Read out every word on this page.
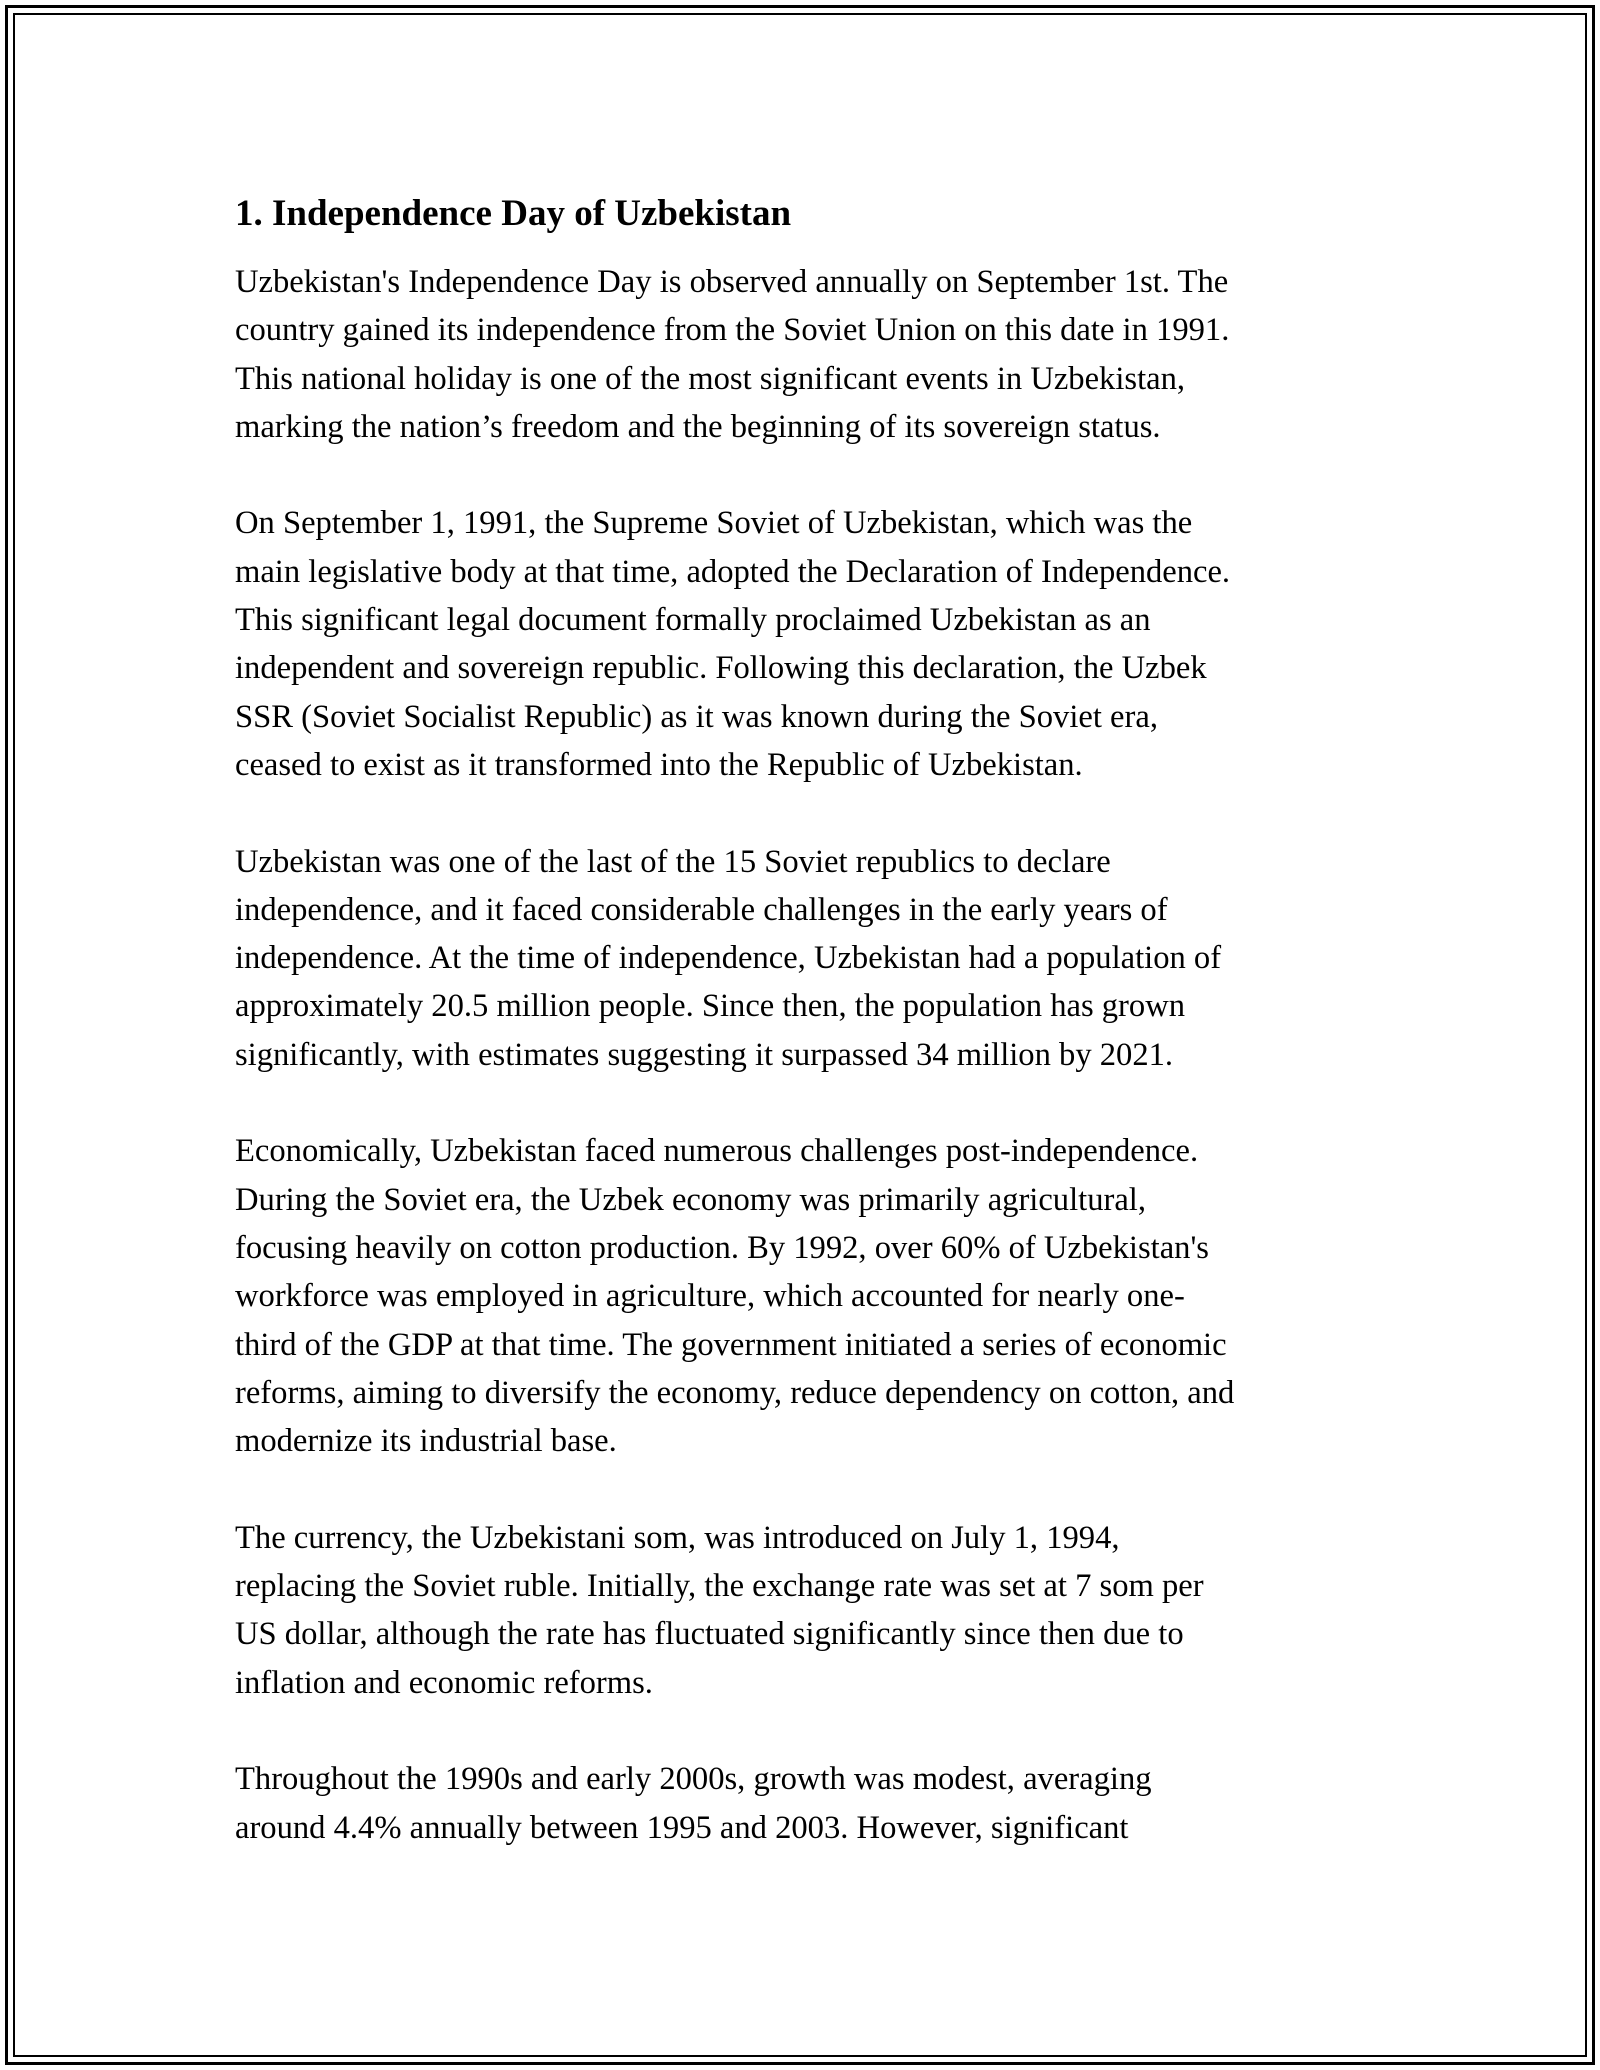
1. Independence Day of Uzbekistan

Uzbekistan's Independence Day is observed annually on September 1st. The
country gained its independence from the Soviet Union on this date in 1991.
This national holiday is one of the most significant events in Uzbekistan,
marking the nation’s freedom and the beginning of its sovereign status.

On September 1, 1991, the Supreme Soviet of Uzbekistan, which was the
main legislative body at that time, adopted the Declaration of Independence.
This significant legal document formally proclaimed Uzbekistan as an
independent and sovereign republic. Following this declaration, the Uzbek
SSR (Soviet Socialist Republic) as it was known during the Soviet era,
ceased to exist as it transformed into the Republic of Uzbekistan.

Uzbekistan was one of the last of the 15 Soviet republics to declare
independence, and it faced considerable challenges in the early years of
independence. At the time of independence, Uzbekistan had a population of
approximately 20.5 million people. Since then, the population has grown
significantly, with estimates suggesting it surpassed 34 million by 2021.

Economically, Uzbekistan faced numerous challenges post-independence.
During the Soviet era, the Uzbek economy was primarily agricultural,
focusing heavily on cotton production. By 1992, over 60% of Uzbekistan's
workforce was employed in agriculture, which accounted for nearly one-
third of the GDP at that time. The government initiated a series of economic
reforms, aiming to diversify the economy, reduce dependency on cotton, and
modernize its industrial base.

The currency, the Uzbekistani som, was introduced on July 1, 1994,
replacing the Soviet ruble. Initially, the exchange rate was set at 7 som per
US dollar, although the rate has fluctuated significantly since then due to
inflation and economic reforms.

Throughout the 1990s and early 2000s, growth was modest, averaging
around 4.4% annually between 1995 and 2003. However, significant
